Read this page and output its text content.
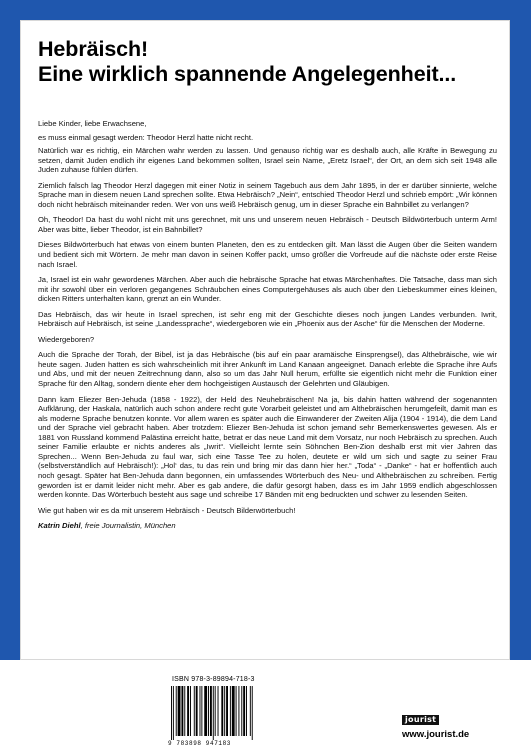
Hebräisch!
Eine wirklich spannende Angelegenheit...

Liebe Kinder, liebe Erwachsene,

es muss einmal gesagt werden: Theodor Herzl hatte nicht recht.

Natürlich war es richtig, ein Märchen wahr werden zu lassen. Und genauso richtig war es deshalb auch, alle Kräfte in Bewegung zu setzen, damit Juden endlich ihr eigenes Land bekommen sollten, Israel sein Name, „Eretz Israel“, der Ort, an dem sich seit 1948 alle Juden zuhause fühlen dürfen.

Ziemlich falsch lag Theodor Herzl dagegen mit einer Notiz in seinem Tagebuch aus dem Jahr 1895, in der er darüber sinnierte, welche Sprache man in diesem neuen Land sprechen sollte. Etwa Hebräisch? „Nein“, entschied Theodor Herzl und schrieb empört: „Wir können doch nicht hebräisch miteinander reden. Wer von uns weiß Hebräisch genug, um in dieser Sprache ein Bahnbillet zu verlangen?

Oh, Theodor! Da hast du wohl nicht mit uns gerechnet, mit uns und unserem neuen Hebräisch - Deutsch Bildwörterbuch unterm Arm! Aber was bitte, lieber Theodor, ist ein Bahnbillet?

Dieses Bildwörterbuch hat etwas von einem bunten Planeten, den es zu entdecken gilt. Man lässt die Augen über die Seiten wandern und bedient sich mit Wörtern. Je mehr man davon in seinen Koffer packt, umso größer die Vorfreude auf die nächste oder erste Reise nach Israel.

Ja, Israel ist ein wahr gewordenes Märchen. Aber auch die hebräische Sprache hat etwas Märchenhaftes. Die Tatsache, dass man sich mit ihr sowohl über ein verloren gegangenes Schräubchen eines Computergehäuses als auch über den Liebeskummer eines kleinen, dicken Ritters unterhalten kann, grenzt an ein Wunder.

Das Hebräisch, das wir heute in Israel sprechen, ist sehr eng mit der Geschichte dieses noch jungen Landes verbunden. Iwrit, Hebräisch auf Hebräisch, ist seine „Landessprache“, wiedergeboren wie ein „Phoenix aus der Asche“ für die Menschen der Moderne.

Wiedergeboren?

Auch die Sprache der Torah, der Bibel, ist ja das Hebräische (bis auf ein paar aramäische Einsprengsel), das Althebräische, wie wir heute sagen. Juden hatten es sich wahrscheinlich mit ihrer Ankunft im Land Kanaan angeeignet. Danach erlebte die Sprache ihre Aufs und Abs, und mit der neuen Zeitrechnung dann, also so um das Jahr Null herum, erfüllte sie eigentlich nicht mehr die Funktion einer Sprache für den Alltag, sondern diente eher dem hochgeistigen Austausch der Gelehrten und Gläubigen.

Dann kam Eliezer Ben-Jehuda (1858 - 1922), der Held des Neuhebräischen! Na ja, bis dahin hatten während der sogenannten Aufklärung, der Haskala, natürlich auch schon andere recht gute Vorarbeit geleistet und am Althebräischen herumgefeilt, damit man es als moderne Sprache benutzen konnte. Vor allem waren es später auch die Einwanderer der Zweiten Alija (1904 - 1914), die dem Land und der Sprache viel gebracht haben. Aber trotzdem: Eliezer Ben-Jehuda ist schon jemand sehr Bemerkenswertes gewesen. Als er 1881 von Russland kommend Palästina erreicht hatte, betrat er das neue Land mit dem Vorsatz, nur noch Hebräisch zu sprechen. Auch seiner Familie erlaubte er nichts anderes als „Iwrit“. Vielleicht lernte sein Söhnchen Ben-Zion deshalb erst mit vier Jahren das Sprechen... Wenn Ben-Jehuda zu faul war, sich eine Tasse Tee zu holen, deutete er wild um sich und sagte zu seiner Frau (selbstverständlich auf Hebräisch!): „Hol‘ das, tu das rein und bring mir das dann hier her.“ „Toda“ - „Danke“ - hat er hoffentlich auch noch gesagt. Später hat Ben-Jehuda dann begonnen, ein umfassendes Wörterbuch des Neu- und Althebräischen zu schreiben. Fertig geworden ist er damit leider nicht mehr. Aber es gab andere, die dafür gesorgt haben, dass es im Jahr 1959 endlich abgeschlossen werden konnte. Das Wörterbuch besteht aus sage und schreibe 17 Bänden mit eng bedruckten und schwer zu lesenden Seiten.

Wie gut haben wir es da mit unserem Hebräisch - Deutsch Bilderwörterbuch!

Katrin Diehl, freie Journalistin, München

ISBN 978-3-89894-718-3
9 783898 947183
jourist
www.jourist.de
